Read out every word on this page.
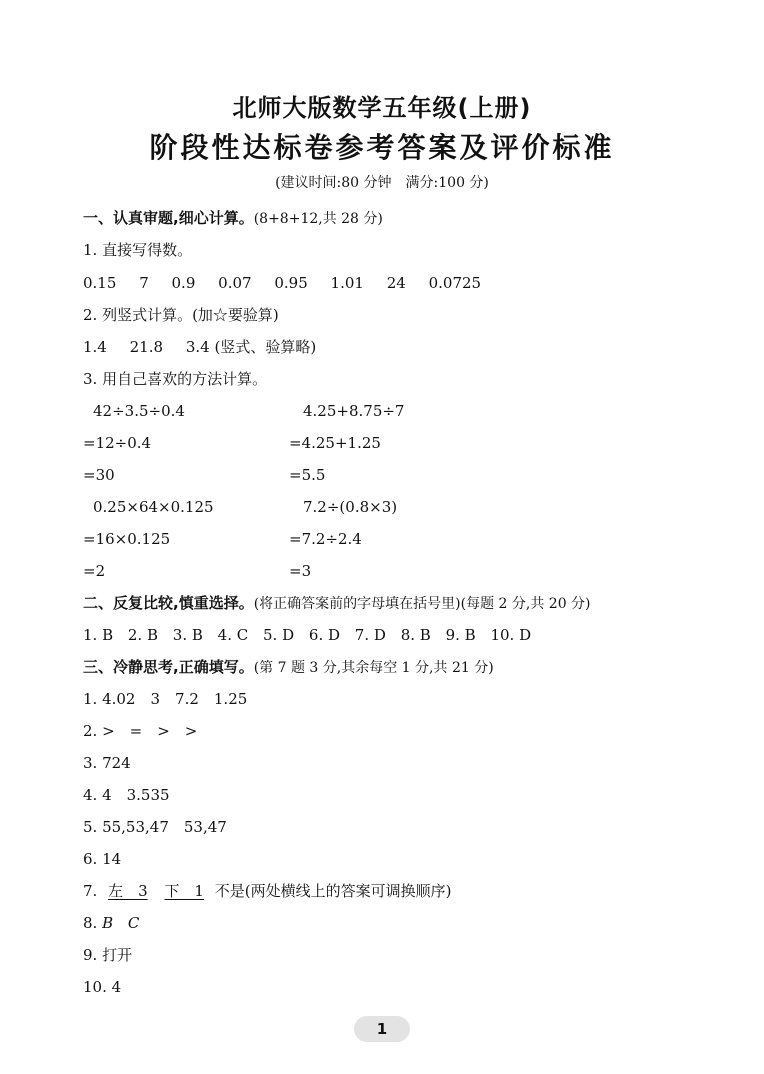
北师大版数学五年级(上册)
阶段性达标卷参考答案及评价标准
(建议时间:80 分钟　满分:100 分)
一、认真审题,细心计算。(8+8+12,共 28 分)
1. 直接写得数。
0.15 7 0.9 0.07 0.95 1.01 24 0.0725
2. 列竖式计算。(加☆要验算)
1.4 21.8 3.4 (竖式、验算略)
3. 用自己喜欢的方法计算。
42÷3.5÷0.4	4.25+8.75÷7
=12÷0.4	=4.25+1.25
=30	=5.5
0.25×64×0.125	7.2÷(0.8×3)
=16×0.125	=7.2÷2.4
=2	=3
二、反复比较,慎重选择。(将正确答案前的字母填在括号里)(每题 2 分,共 20 分)
1. B 2. B 3. B 4. C 5. D 6. D 7. D 8. B 9. B 10. D
三、冷静思考,正确填写。(第 7 题 3 分,其余每空 1 分,共 21 分)
1. 4.02　3　7.2　1.25
2. >　=　>　>
3. 724
4. 4　3.535
5. 55,53,47　53,47
6. 14
7. 左　3 下　1 不是(两处横线上的答案可调换顺序)
8. B C
9. 打开
10. 4
1
